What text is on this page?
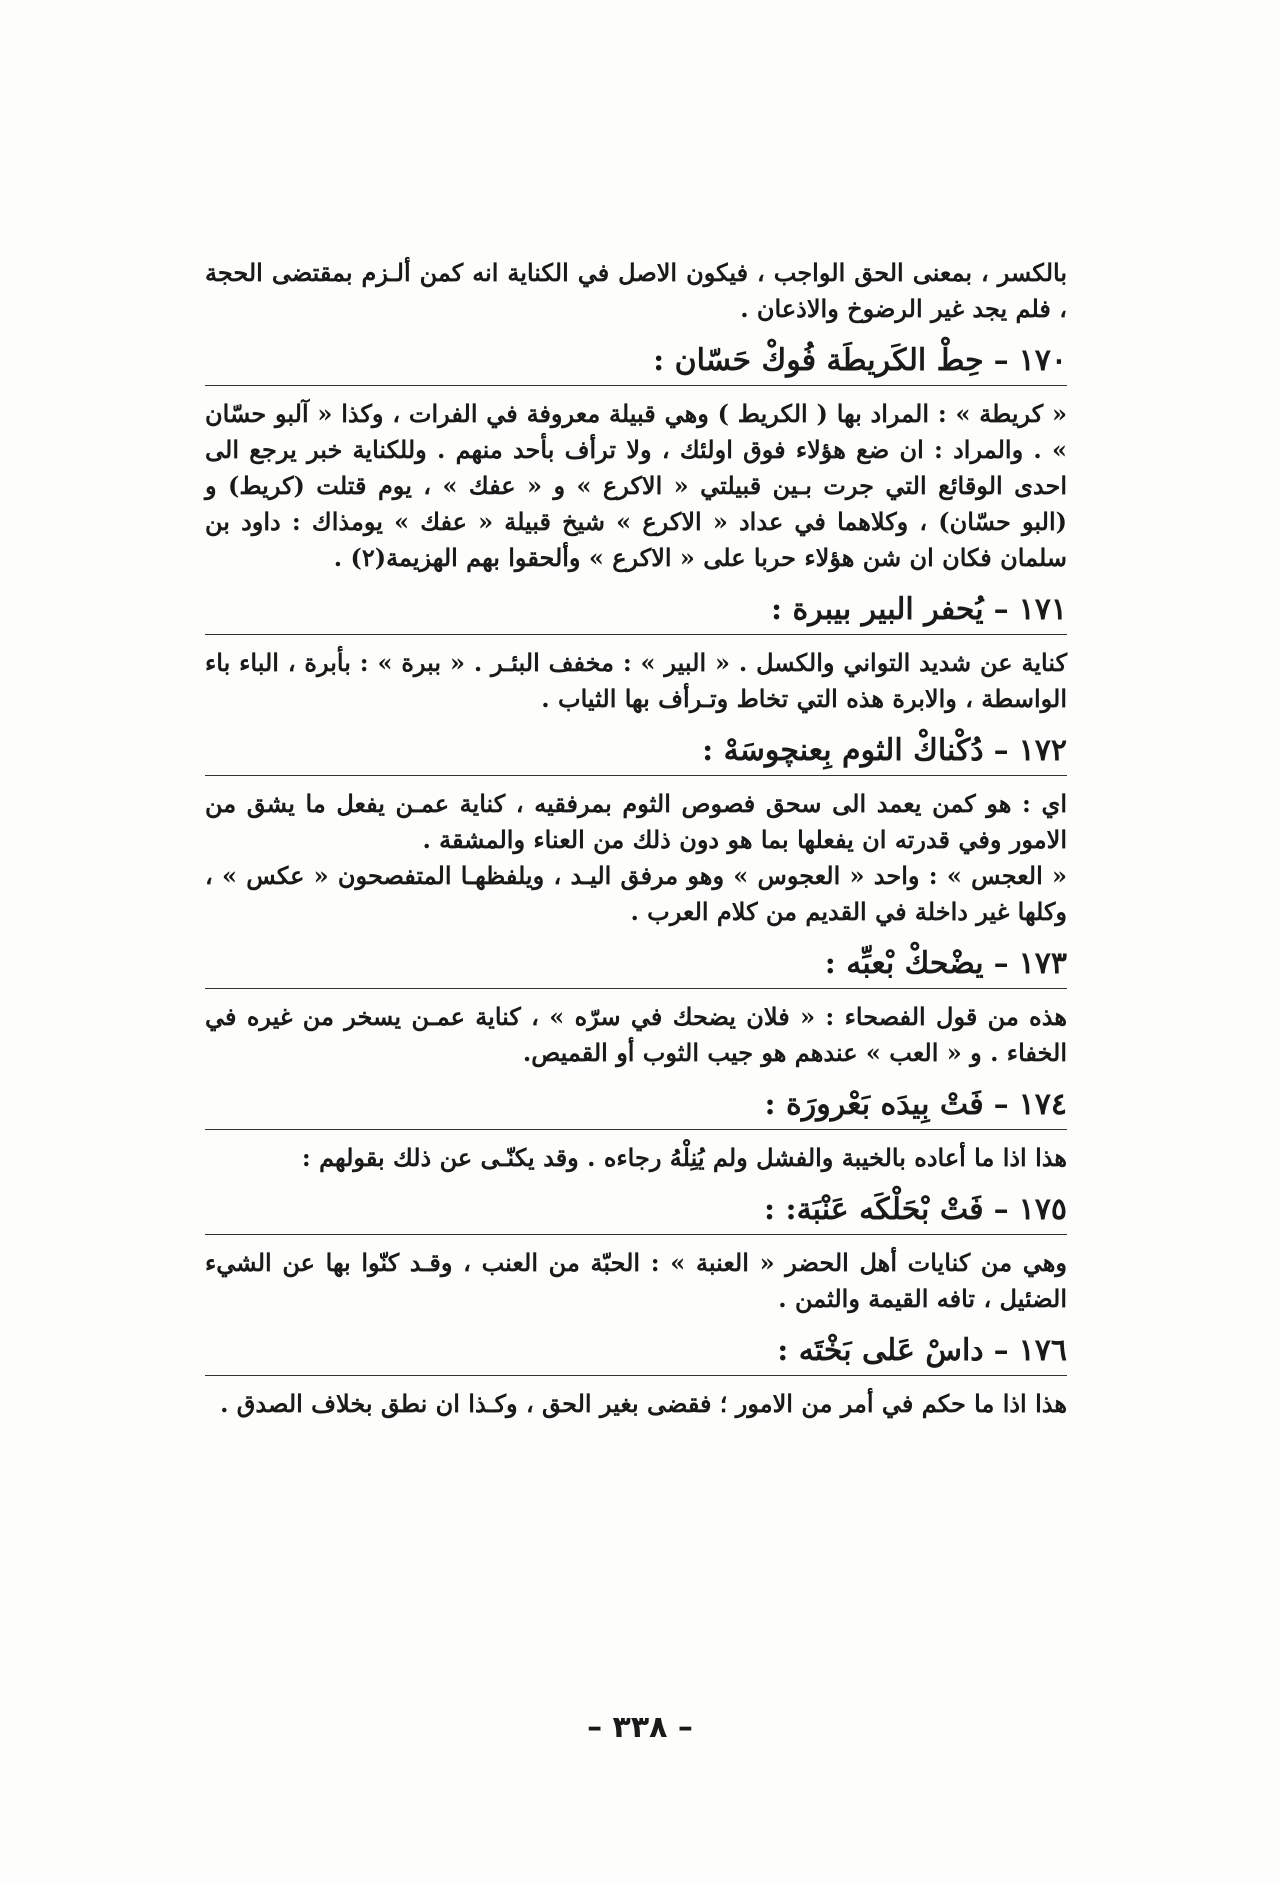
بالكسر ، بمعنى الحق الواجب ، فيكون الاصل في الكناية انه كمن ألـزم بمقتضى الحجة ، فلم يجد غير الرضوخ والاذعان .

١٧٠
–
حِطْ الكَريطَة فُوكْ حَسّان :

« كريطة » : المراد بها ( الكريط ) وهي قبيلة معروفة في الفرات ، وكذا « آلبو حسّان » . والمراد : ان ضع هؤلاء فوق اولئك ، ولا ترأف بأحد منهم . وللكناية خبر يرجع الى احدى الوقائع التي جرت بـين قبيلتي « الاكرع » و « عفك » ، يوم قتلت (كريط) و (البو حسّان) ، وكلاهما في عداد « الاكرع » شيخ قبيلة « عفك » يومذاك : داود بن سلمان فكان ان شن هؤلاء حربا على « الاكرع » وألحقوا بهم الهزيمة(٢) .

١٧١
–
يُحفر البير بيبرة :

كناية عن شديد التواني والكسل . « البير » : مخفف البئـر . « ببرة » : بأبرة ، الباء باء الواسطة ، والابرة هذه التي تخاط وتـرأف بها الثياب .

١٧٢
–
دُكْناكْ الثوم بِعنچوسَهْ :

اي : هو كمن يعمد الى سحق فصوص الثوم بمرفقيه ، كناية عمـن يفعل ما يشق من الامور وفي قدرته ان يفعلها بما هو دون ذلك من العناء والمشقة .

« العجس » : واحد « العجوس » وهو مرفق اليـد ، ويلفظهـا المتفصحون « عكس » ، وكلها غير داخلة في القديم من كلام العرب .

١٧٣
–
يضْحكْ بْعبِّه :

هذه من قول الفصحاء : « فلان يضحك في سرّه » ، كناية عمـن يسخر من غيره في الخفاء . و « العب » عندهم هو جيب الثوب أو القميص.

١٧٤
–
فَتْ بِيدَه بَعْرورَة :

هذا اذا ما أعاده بالخيبة والفشل ولم يُنِلْهُ رجاءه . وقد يكنّـى عن ذلك بقولهم :

١٧٥
–
فَتْ بْحَلْكَه عَنْبَة: :

وهي من كنايات أهل الحضر « العنبة » : الحبّة من العنب ، وقـد كنّوا بها عن الشيء الضئيل ، تافه القيمة والثمن .

١٧٦
–
داسْ عَلى بَخْتَه :

هذا اذا ما حكم في أمر من الامور ؛ فقضى بغير الحق ، وكـذا ان نطق بخلاف الصدق .

– ٣٣٨ –
